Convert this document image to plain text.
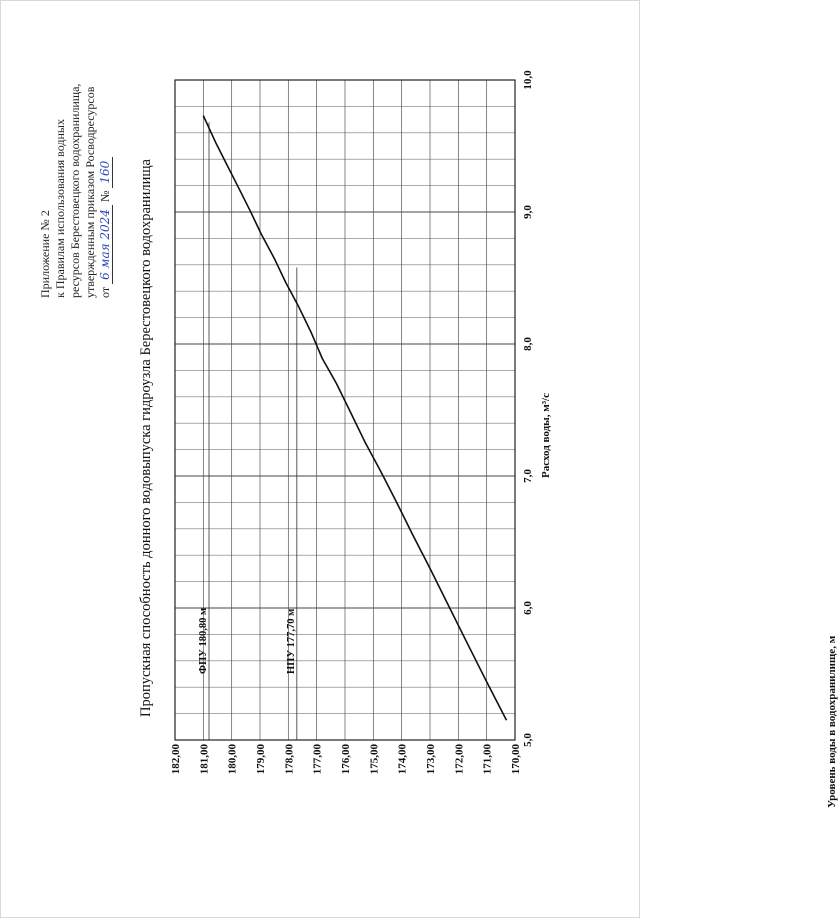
Приложение № 2 к Правилам использования водных ресурсов Берестовецкого водохранилища, утвержденным приказом Росводресурсов от 6 мая 2024 № 160 Пропускная способность донного водовыпуска гидроузла Берестовецкого водохранилища
5,0
6,0
7,0
8,0
9,0
10,0
170,00
171,00
172,00
173,00
174,00
175,00
176,00
177,00
178,00
179,00
180,00
181,00
182,00
ФПУ 180,80 м	НПУ 177,70 м
Расход воды, м³/с
Уровень воды в водохранилище, м
